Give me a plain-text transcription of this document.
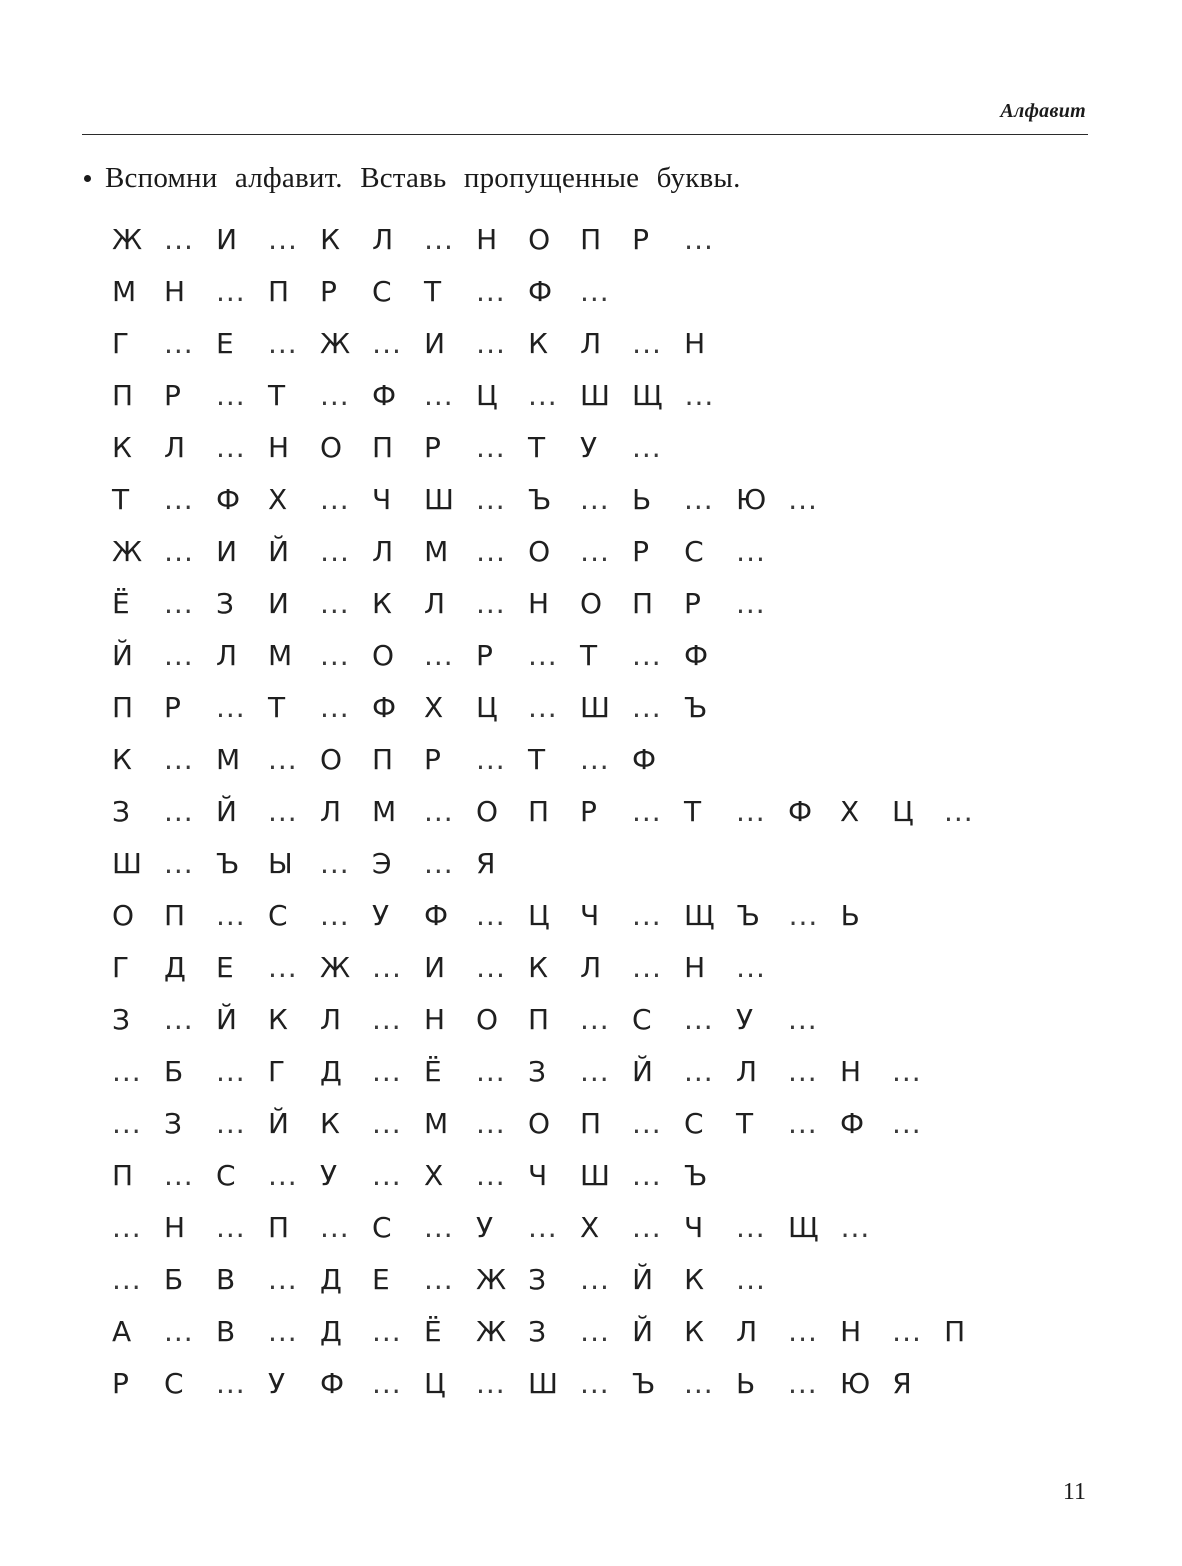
Алфавит
Вспомни алфавит. Вставь пропущенные буквы.
Ж ... И ... К Л ... Н О П Р ...
М Н ... П Р С Т ... Ф ...
Г ... Е ... Ж ... И ... К Л ... Н
П Р ... Т ... Ф ... Ц ... Ш Щ ...
К Л ... Н О П Р ... Т У ...
Т ... Ф Х ... Ч Ш ... Ъ ... Ь ... Ю ...
Ж ... И Й ... Л М ... О ... Р С ...
Ё ... З И ... К Л ... Н О П Р ...
Й ... Л М ... О ... Р ... Т ... Ф
П Р ... Т ... Ф Х Ц ... Ш ... Ъ
К ... М ... О П Р ... Т ... Ф
З ... Й ... Л М ... О П Р ... Т ... Ф Х Ц ...
Ш ... Ъ Ы ... Э ... Я
О П ... С ... У Ф ... Ц Ч ... Щ Ъ ... Ь
Г Д Е ... Ж ... И ... К Л ... Н ...
З ... Й К Л ... Н О П ... С ... У ...
... Б ... Г Д ... Ё ... З ... Й ... Л ... Н ...
... З ... Й К ... М ... О П ... С Т ... Ф ...
П ... С ... У ... Х ... Ч Ш ... Ъ
... Н ... П ... С ... У ... Х ... Ч ... Щ ...
... Б В ... Д Е ... Ж З ... Й К ...
А ... В ... Д ... Ё Ж З ... Й К Л ... Н ... П
Р С ... У Ф ... Ц ... Ш ... Ъ ... Ь ... Ю Я
11
